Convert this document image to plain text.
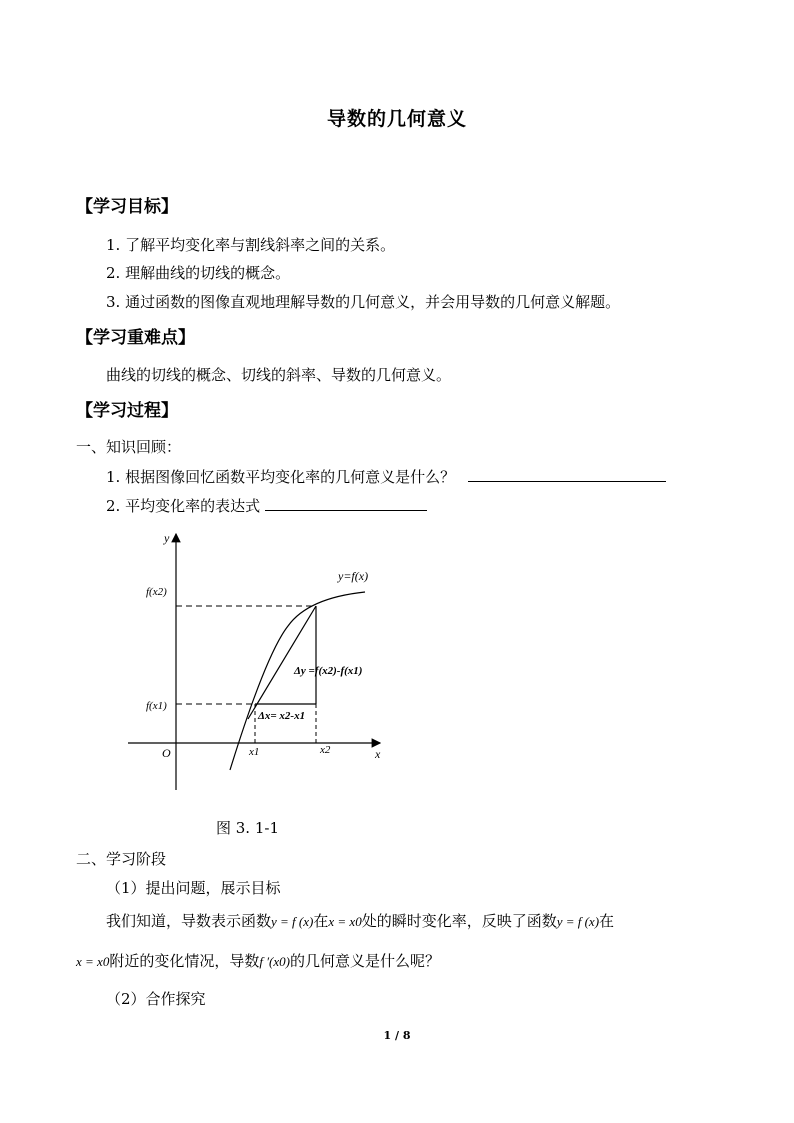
导数的几何意义
【学习目标】
1. 了解平均变化率与割线斜率之间的关系。
2. 理解曲线的切线的概念。
3. 通过函数的图像直观地理解导数的几何意义，并会用导数的几何意义解题。
【学习重难点】
曲线的切线的概念、切线的斜率、导数的几何意义。
【学习过程】
一、知识回顾：
1. 根据图像回忆函数平均变化率的几何意义是什么？
2. 平均变化率的表达式
y
x
O
y=f(x)
f(x2)
f(x1)
x1	x2
Δy =f(x2)-f(x1)
Δx= x2-x1
图 3. 1-1
二、学习阶段
（1）提出问题，展示目标
我们知道，导数表示函数y = f (x)在x = x0处的瞬时变化率，反映了函数y = f (x)在
x = x0附近的变化情况，导数f ′(x0)的几何意义是什么呢？
（2）合作探究
1 / 8
